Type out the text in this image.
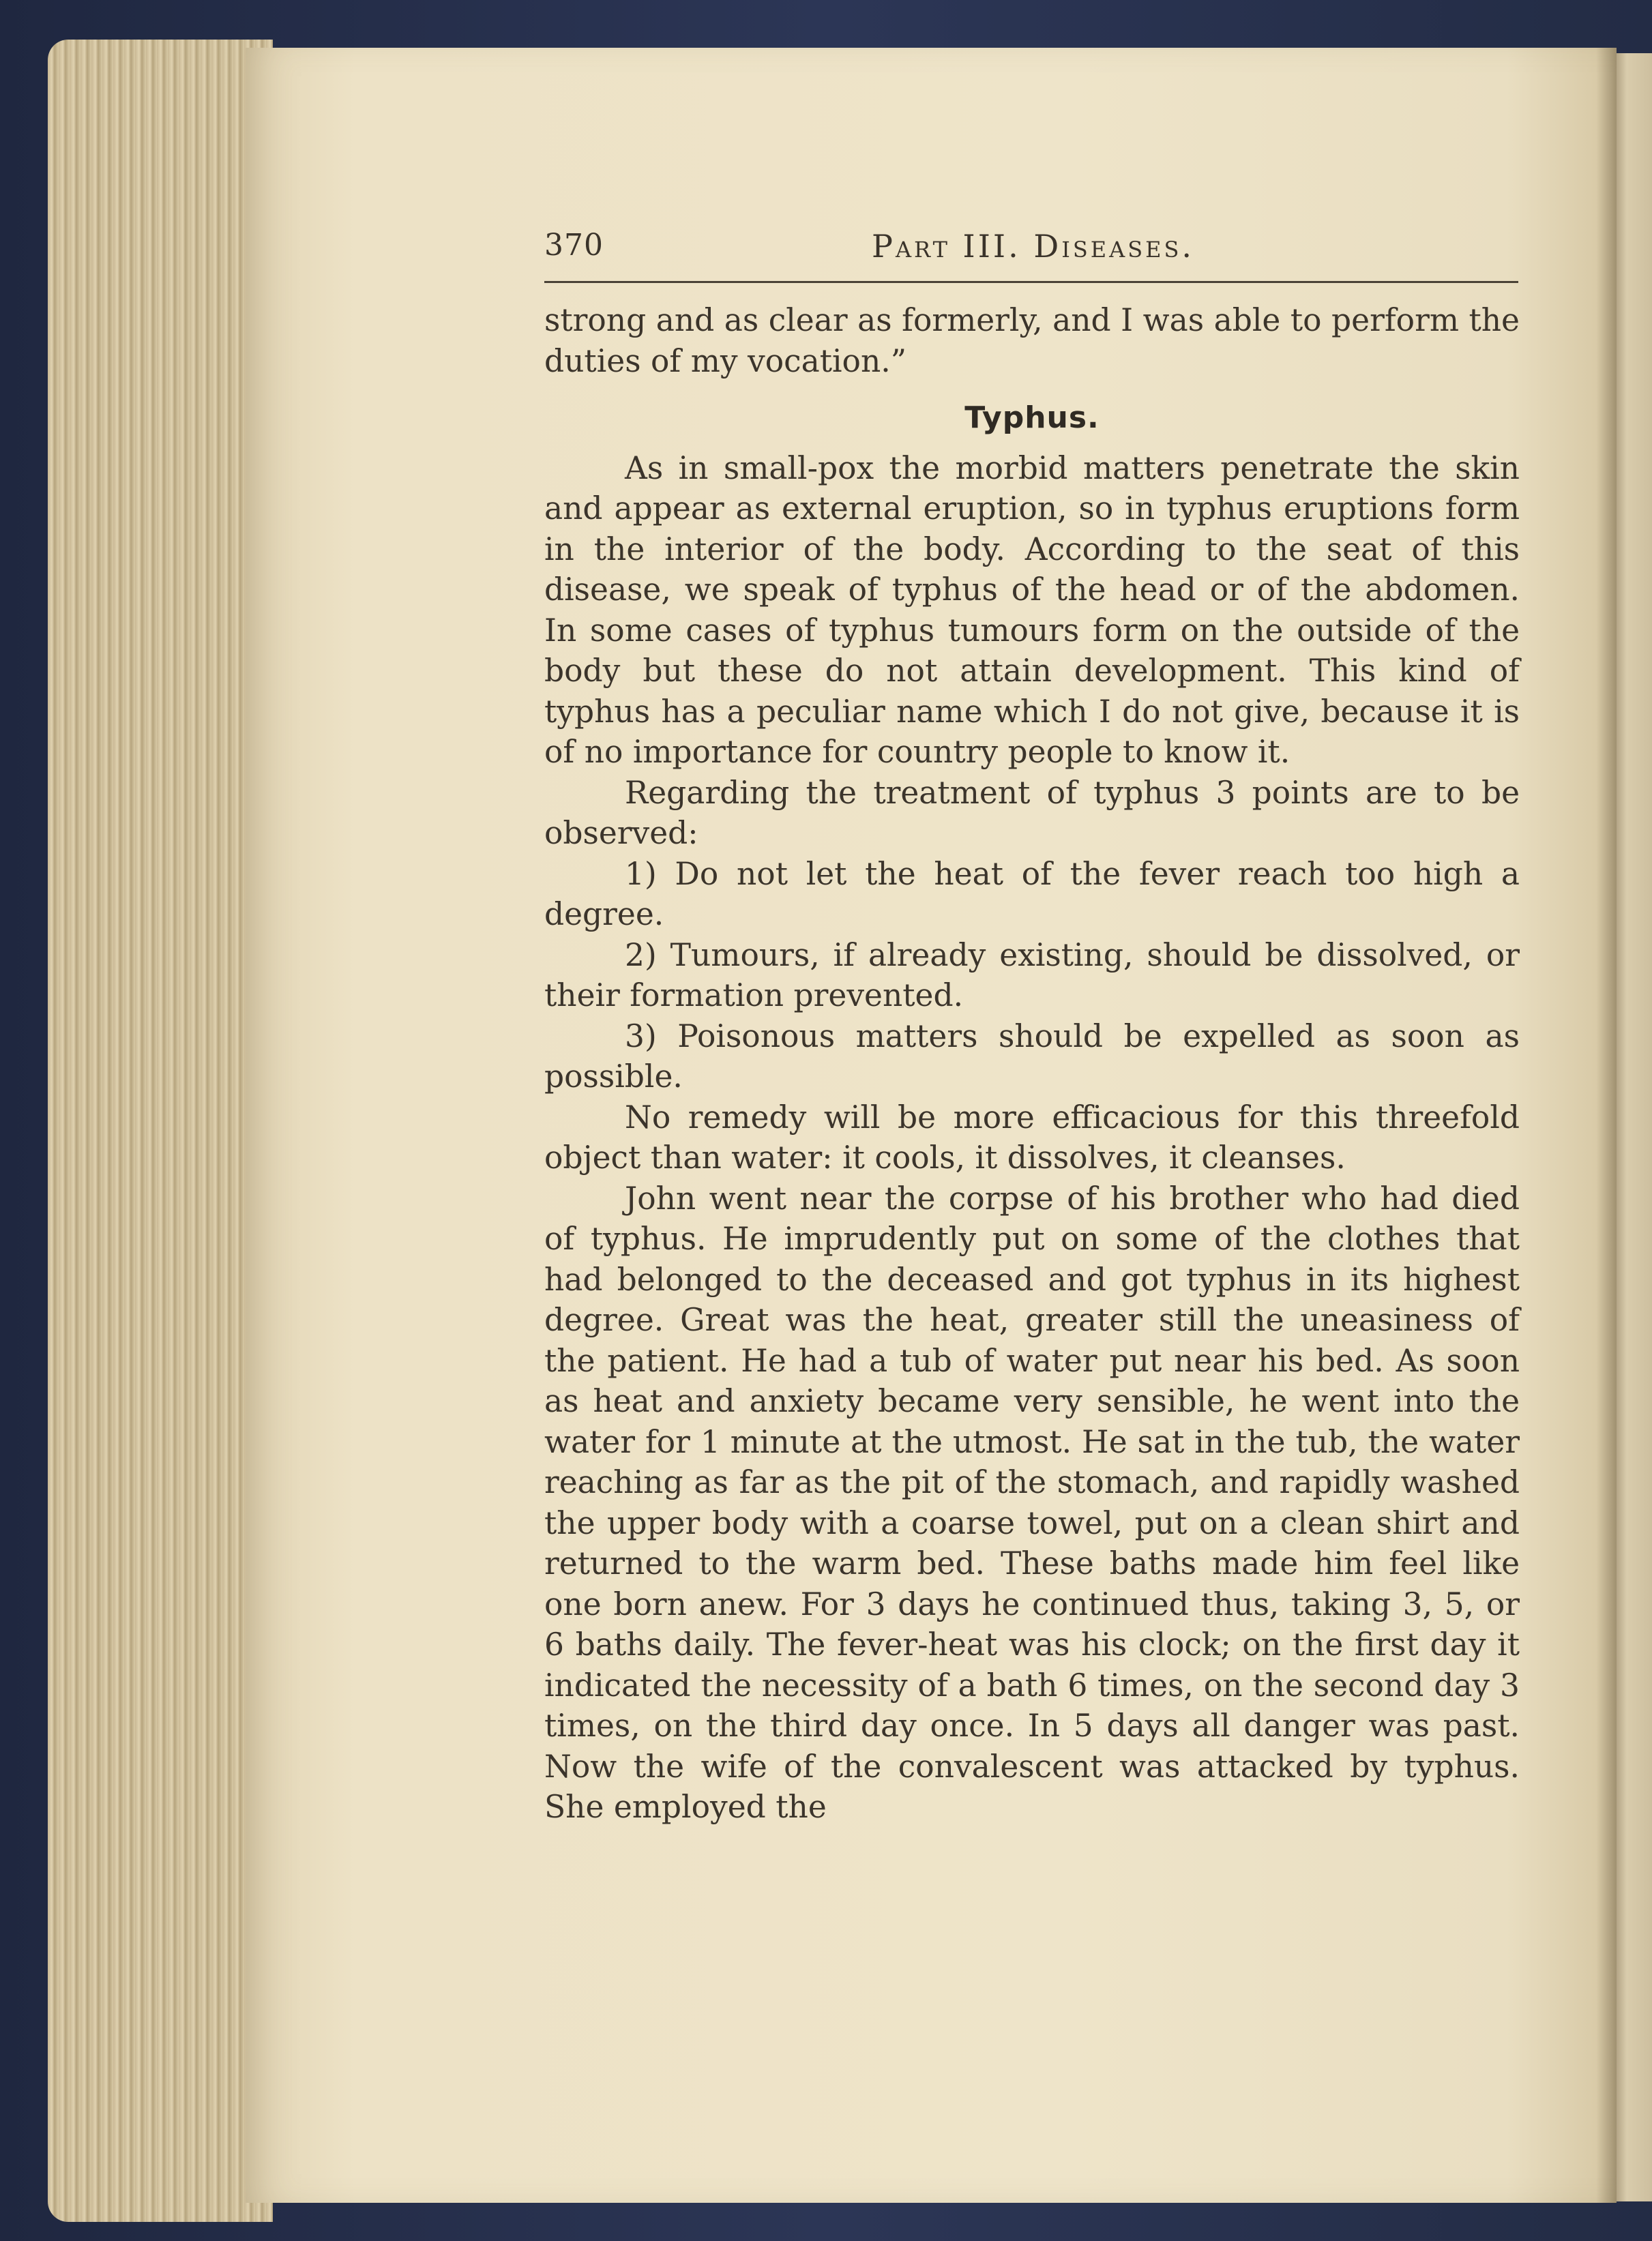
370	Part III. Diseases.

strong and as clear as formerly, and I was able to perform the duties of my vocation.”

Typhus.

As in small-pox the morbid matters penetrate the skin and appear as external eruption, so in typhus eruptions form in the interior of the body. According to the seat of this disease, we speak of typhus of the head or of the abdomen. In some cases of typhus tumours form on the outside of the body but these do not attain development. This kind of typhus has a peculiar name which I do not give, because it is of no importance for country people to know it.

Regarding the treatment of typhus 3 points are to be observed:

1) Do not let the heat of the fever reach too high a degree.

2) Tumours, if already existing, should be dissolved, or their formation prevented.

3) Poisonous matters should be expelled as soon as possible.

No remedy will be more efficacious for this threefold object than water: it cools, it dissolves, it cleanses.

John went near the corpse of his brother who had died of typhus. He imprudently put on some of the clothes that had belonged to the deceased and got typhus in its highest degree. Great was the heat, greater still the uneasiness of the patient. He had a tub of water put near his bed. As soon as heat and anxiety became very sensible, he went into the water for 1 minute at the utmost. He sat in the tub, the water reaching as far as the pit of the stomach, and rapidly washed the upper body with a coarse towel, put on a clean shirt and returned to the warm bed. These baths made him feel like one born anew. For 3 days he continued thus, taking 3, 5, or 6 baths daily. The fever-heat was his clock; on the first day it indicated the necessity of a bath 6 times, on the second day 3 times, on the third day once. In 5 days all danger was past. Now the wife of the convalescent was attacked by typhus. She employed the
